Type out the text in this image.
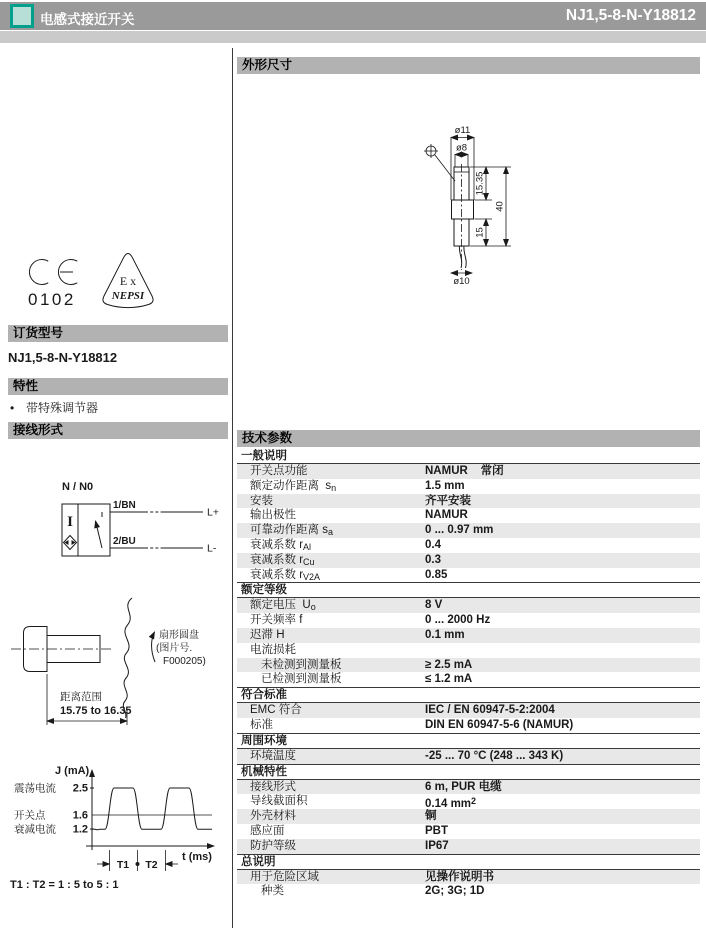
电感式接近开关	NJ1,5-8-N-Y18812
0102
E x
NEPSI
订货型号
NJ1,5-8-N-Y18812
特性
• 带特殊调节器
接线形式
N / N0
I
1/BN
L+
2/BU
L-
扇形圆盘
(图片号.
F000205)
距离范围
15.75 to 16.35
震荡电流
开关点
衰减电流
J (mA)
t (ms)
2.5
1.6
1.2
T1 T2
T1 : T2 = 1 : 5 to 5 : 1
外形尺寸
ø11
ø8
ø10
15.35
15
40
技术参数
一般说明
开关点功能	NAMUR    常闭
额定动作距离  $s_n$	1.5 mm
安装	齐平安装
输出极性	NAMUR
可靠动作距离 $s_a$	0 ... 0.97 mm
衰减系数 $r_{Al}$	0.4
衰减系数 $r_{Cu}$	0.3
衰减系数 $r_{V2A}$	0.85
额定等级
额定电压  $U_o$	8 V
开关频率 f	0 ... 2000 Hz
迟滞 H	0.1 mm
电流损耗
未检测到测量板	≥ 2.5 mA
已检测到测量板	≤ 1.2 mA
符合标准
EMC 符合	IEC / EN 60947-5-2:2004
标准	DIN EN 60947-5-6 (NAMUR)
周围环境
环境温度	-25 ... 70 °C (248 ... 343 K)
机械特性
接线形式	6 m, PUR 电缆
导线截面积	0.14 $mm^2$
外壳材料	铜
感应面	PBT
防护等级	IP67
总说明
用于危险区域	见操作说明书
种类	2G; 3G; 1D
